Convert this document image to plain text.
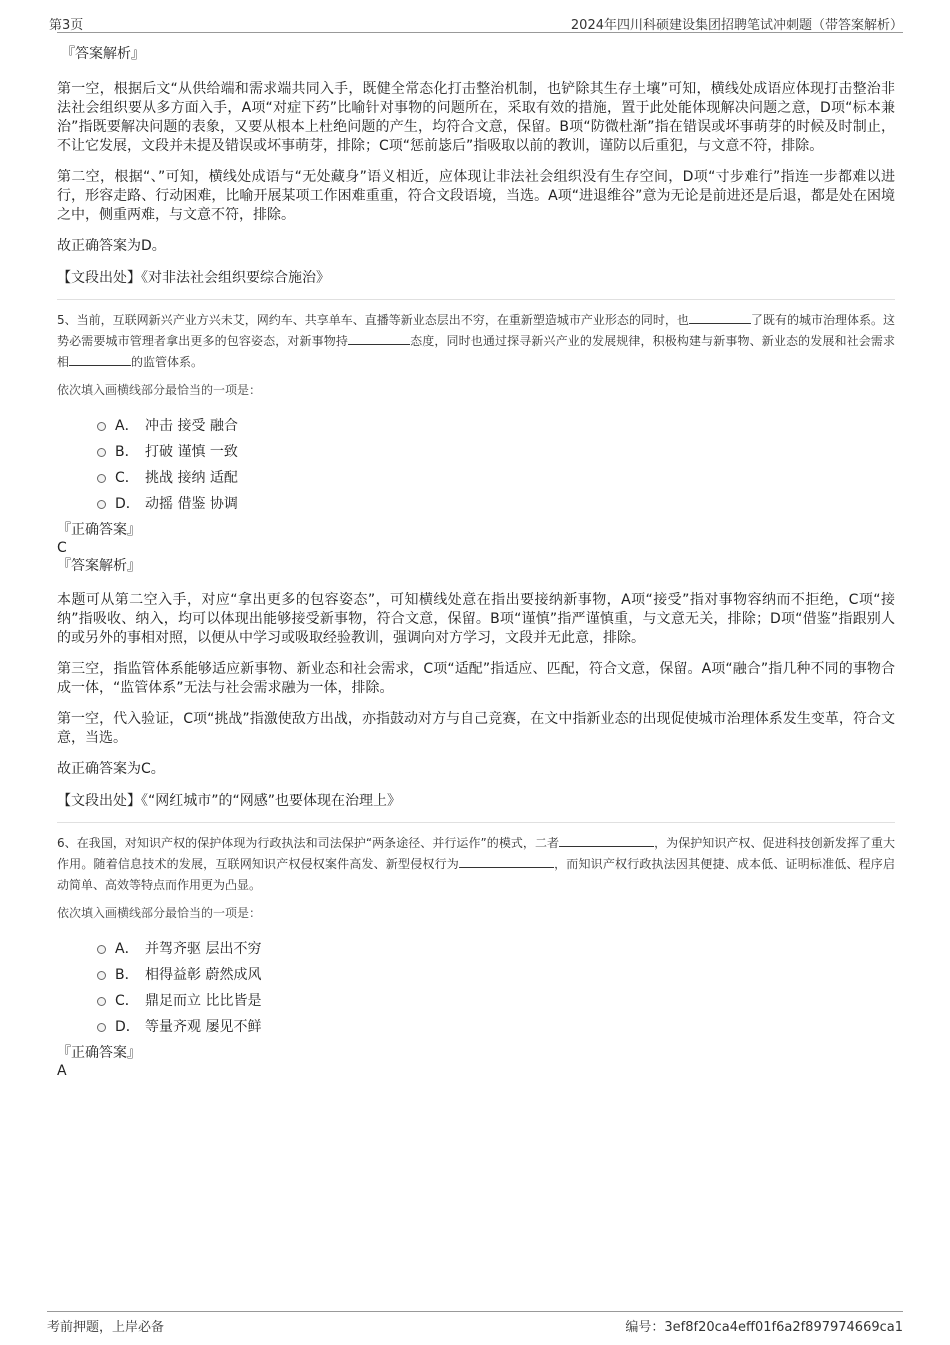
第3页	2024年四川科硕建设集团招聘笔试冲刺题（带答案解析）

『答案解析』

第一空，根据后文“从供给端和需求端共同入手，既健全常态化打击整治机制，也铲除其生存土壤”可知，横线处成语应体现打击整治非法社会组织要从多方面入手，A项“对症下药”比喻针对事物的问题所在，采取有效的措施，置于此处能体现解决问题之意，D项“标本兼治”指既要解决问题的表象，又要从根本上杜绝问题的产生，均符合文意，保留。B项“防微杜渐”指在错误或坏事萌芽的时候及时制止，不让它发展，文段并未提及错误或坏事萌芽，排除；C项“惩前毖后”指吸取以前的教训，谨防以后重犯，与文意不符，排除。

第二空，根据“、”可知，横线处成语与“无处藏身”语义相近，应体现让非法社会组织没有生存空间，D项“寸步难行”指连一步都难以进行，形容走路、行动困难，比喻开展某项工作困难重重，符合文段语境，当选。A项“进退维谷”意为无论是前进还是后退，都是处在困境之中，侧重两难，与文意不符，排除。

故正确答案为D。

【文段出处】《对非法社会组织要综合施治》

5、当前，互联网新兴产业方兴未艾，网约车、共享单车、直播等新业态层出不穷，在重新塑造城市产业形态的同时，也	了既有的城市治理体系。这势必需要城市管理者拿出更多的包容姿态，对新事物持	态度，同时也通过探寻新兴产业的发展规律，积极构建与新事物、新业态的发展和社会需求相	的监管体系。

依次填入画横线部分最恰当的一项是：

A． 冲击 接受 融合
B． 打破 谨慎 一致
C． 挑战 接纳 适配
D． 动摇 借鉴 协调

『正确答案』

C

『答案解析』

本题可从第二空入手，对应“拿出更多的包容姿态”，可知横线处意在指出要接纳新事物，A项“接受”指对事物容纳而不拒绝，C项“接纳”指吸收、纳入，均可以体现出能够接受新事物，符合文意，保留。B项“谨慎”指严谨慎重，与文意无关，排除；D项“借鉴”指跟别人的或另外的事相对照，以便从中学习或吸取经验教训，强调向对方学习，文段并无此意，排除。

第三空，指监管体系能够适应新事物、新业态和社会需求，C项“适配”指适应、匹配，符合文意，保留。A项“融合”指几种不同的事物合成一体，“监管体系”无法与社会需求融为一体，排除。

第一空，代入验证，C项“挑战”指激使敌方出战，亦指鼓动对方与自己竞赛，在文中指新业态的出现促使城市治理体系发生变革，符合文意，当选。

故正确答案为C。

【文段出处】《“网红城市”的“网感”也要体现在治理上》

6、在我国，对知识产权的保护体现为行政执法和司法保护“两条途径、并行运作”的模式，二者	，为保护知识产权、促进科技创新发挥了重大作用。随着信息技术的发展，互联网知识产权侵权案件高发、新型侵权行为	，而知识产权行政执法因其便捷、成本低、证明标准低、程序启动简单、高效等特点而作用更为凸显。

依次填入画横线部分最恰当的一项是：

A． 并驾齐驱 层出不穷
B． 相得益彰 蔚然成风
C． 鼎足而立 比比皆是
D． 等量齐观 屡见不鲜

『正确答案』

A

考前押题，上岸必备	编号：3ef8f20ca4eff01f6a2f897974669ca1
